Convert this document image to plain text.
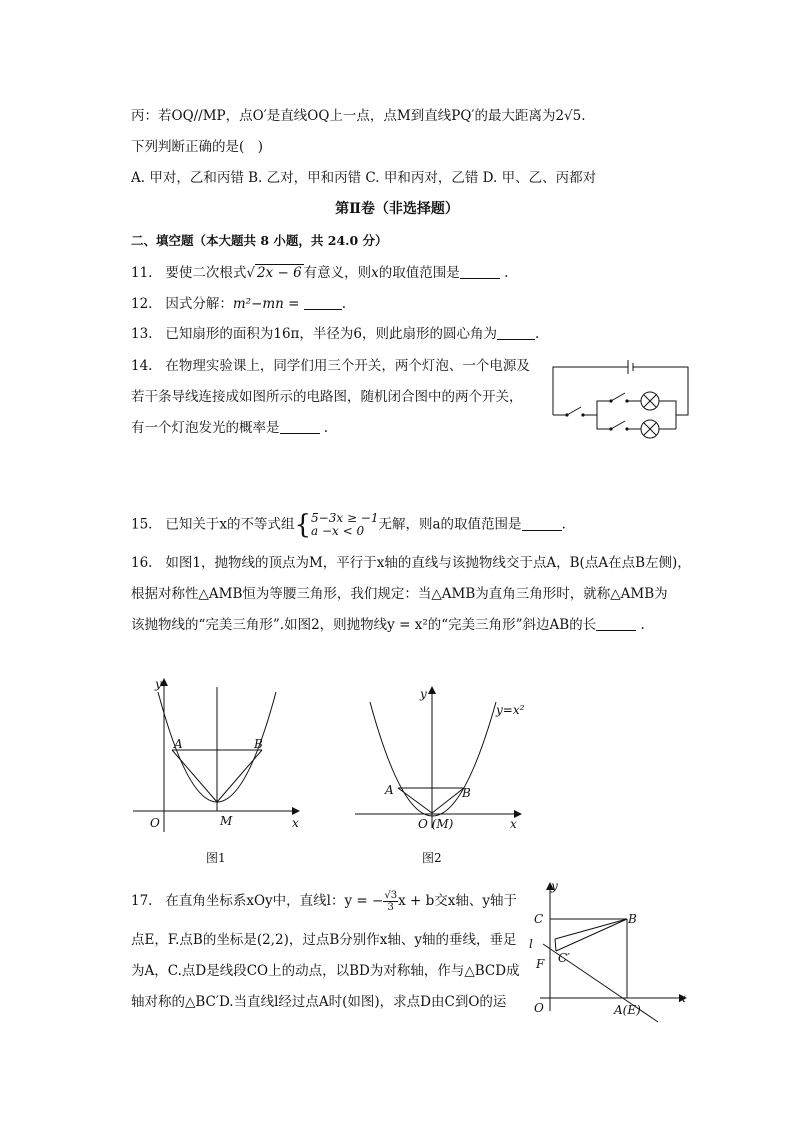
丙：若OQ//MP，点O′是直线OQ上一点，点M到直线PQ′的最大距离为2√5.
下列判断正确的是(　)
A. 甲对，乙和丙错 B. 乙对，甲和丙错 C. 甲和丙对，乙错 D. 甲、乙、丙都对
第Ⅱ卷（非选择题）
二、填空题（本大题共 8 小题，共 24.0 分）
11. 要使二次根式√ 2x − 6 有意义，则x的取值范围是	.
12. 因式分解：m²−mn =	.
13. 已知扇形的面积为16π，半径为6，则此扇形的圆心角为	.
14. 在物理实验课上，同学们用三个开关，两个灯泡、一个电源及
若干条导线连接成如图所示的电路图，随机闭合图中的两个开关，
有一个灯泡发光的概率是	.
15. 已知关于x的不等式组{5−3x ≥ −1
a −x < 0 无解，则a的取值范围是	.
16. 如图1，抛物线的顶点为M，平行于x轴的直线与该抛物线交于点A，B(点A在点B左侧)，
根据对称性△AMB恒为等腰三角形，我们规定：当△AMB为直角三角形时，就称△AMB为
该抛物线的“完美三角形”.如图2，则抛物线y = x²的“完美三角形”斜边AB的长	.
y
x
O
A	B
M
图1
y
x
O (M)
A	B
y=x²
图2
17. 在直角坐标系xOy中，直线l：y = − $\frac{√3}{3}$ x + b交x轴、y轴于
点E，F.点B的坐标是(2,2)，过点B分别作x轴、y轴的垂线，垂足
为A，C.点D是线段CO上的动点，以BD为对称轴，作与△BCD成
轴对称的△BC′D.当直线l经过点A时(如图)，求点D由C到O的运
y
x
O
C	B
l
F C′
A(E)
